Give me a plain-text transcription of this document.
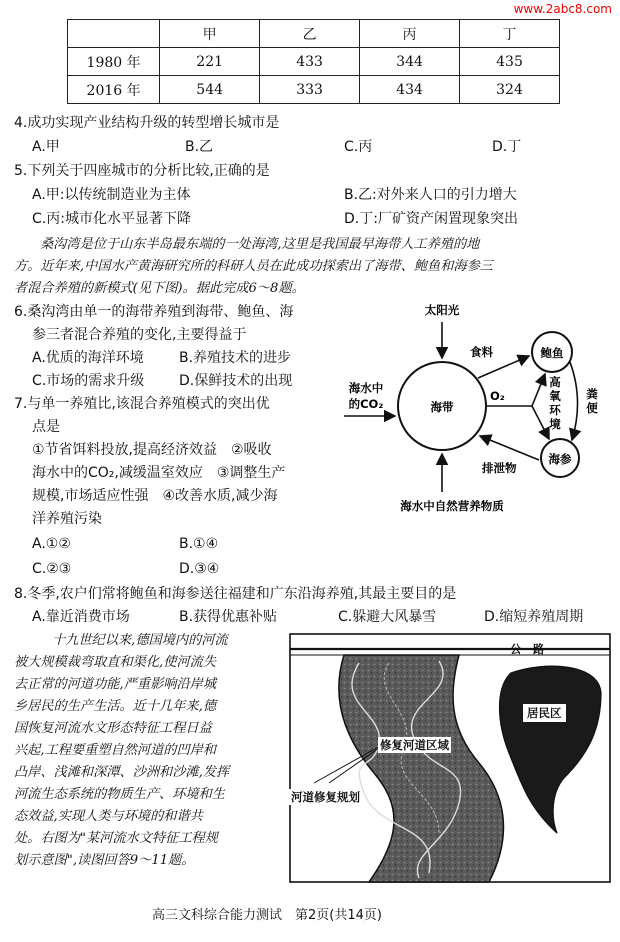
www.2abc8.com
	甲	乙	丙	丁
1980 年	221	433	344	435
2016 年	544	333	434	324
4.成功实现产业结构升级的转型增长城市是
A.甲	B.乙	C.丙	D.丁
5.下列关于四座城市的分析比较,正确的是
A.甲:以传统制造业为主体	B.乙:对外来人口的引力增大
C.丙:城市化水平显著下降	D.丁:厂矿资产闲置现象突出
桑沟湾是位于山东半岛最东端的一处海湾,这里是我国最早海带人工养殖的地
方。近年来,中国水产黄海研究所的科研人员在此成功探索出了海带、鲍鱼和海参三
者混合养殖的新模式(见下图)。据此完成6～8题。
6.桑沟湾由单一的海带养殖到海带、鲍鱼、海
参三者混合养殖的变化,主要得益于
A.优质的海洋环境	B.养殖技术的进步
C.市场的需求升级 D.保鲜技术的出现
7.与单一养殖比,该混合养殖模式的突出优
点是
①节省饵料投放,提高经济效益　②吸收
海水中的CO₂,减缓温室效应　③调整生产
规模,市场适应性强　④改善水质,减少海
洋养殖污染
A.①②	B.①④
C.②③	D.③④
海带
鲍鱼
海参
太阳光
食料
海水中
的CO₂
O₂
高
氧
环
境
粪
便
排泄物
海水中自然营养物质
8.冬季,农户们常将鲍鱼和海参送往福建和广东沿海养殖,其最主要目的是
A.靠近消费市场	B.获得优惠补贴	C.躲避大风暴雪	D.缩短养殖周期
十九世纪以来,德国境内的河流
被大规模裁弯取直和渠化,使河流失
去正常的河道功能,严重影响沿岸城
乡居民的生产生活。近十几年来,德
国恢复河流水文形态特征工程日益
兴起,工程要重塑自然河道的凹岸和
凸岸、浅滩和深潭、沙洲和沙滩,发挥
河流生态系统的物质生产、环境和生
态效益,实现人类与环境的和谐共
处。右图为"某河流水文特征工程规
划示意图",读图回答9～11题。
公　路
居民区
修复河道区域
河道修复规划
高三文科综合能力测试　第2页(共14页)
